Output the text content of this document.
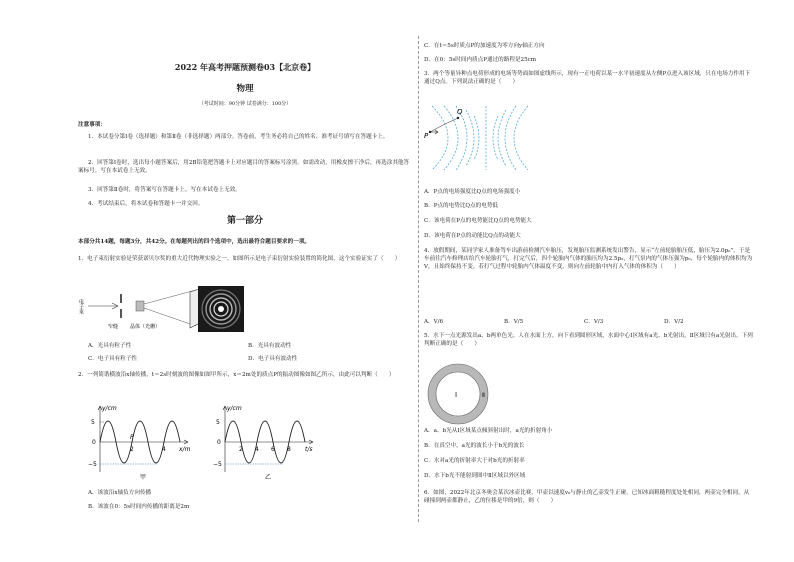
2022 年高考押题预测卷03【北京卷】
物理
（考试时间：90分钟 试卷满分：100分）
注意事项：
1．本试卷分第Ⅰ卷（选择题）和第Ⅱ卷（非选择题）两部分。答卷前，考生务必将自己的姓名、准考证号填写在答题卡上。
2．回答第Ⅰ卷时，选出每小题答案后，用2B铅笔把答题卡上对应题目的答案标号涂黑。如需改动，用橡皮擦干净后，再选涂其他答案标号。写在本试卷上无效。
3．回答第Ⅱ卷时，将答案写在答题卡上。写在本试卷上无效。
4．考试结束后，将本试卷和答题卡一并交回。
第一部分
本部分共14题，每题3分，共42分。在每题列出的四个选项中，选出最符合题目要求的一项。
1．电子束衍射实验是荣获诺贝尔奖的重大近代物理实验之一。如图所示是电子束衍射实验装置的简化图，这个实验证实了（　　）
电子束
窄缝 晶体（光栅）
A．光具有粒子性	B．光具有波动性
C．电子具有粒子性	D．电子具有波动性
2．一列简谐横波沿x轴传播，t＝2s时刻波的图像如图甲所示，x＝2m处的质点P的振动图像如图乙所示，由此可以判断（　　）
y/cm
x/m
5
0
−5
P
2	4
甲
y/cm
t/s
5
0
−5
2 4 6 8
乙
A．该波沿x轴负方向传播
B．该波在0：5s时间内传播的距离是2m
C．在t＝5s时质点P的加速度为零方向y轴正方向
D．在0：5s时间内质点P通过的路程是25cm
3．两个等量异种点电荷形成的电场等势面如图虚线所示，现有一正电荷以某一水平初速度从左侧P点进入该区域，只在电场力作用下通过Q点。下列说法正确的是（　　）
P
Q
A．P点的电场强度比Q点的电场强度小
B．P点的电势比Q点的电势低
C．该电荷在P点的电势能比Q点的电势能大
D．该电荷在P点的动能比Q点的动能大
4．放假期间，某同学家人准备驾车出游前检测汽车胎压，发现胎压监测系统发出警告，显示“左前轮胎胎压低，胎压为2.0p₀”，于是车前往汽车修理店给汽车轮胎打气，打完气后，四个轮胎内气体的胎压均为2.5p₀，打气泵内的气体压强为p₀，每个轮胎内的体积均为V，且始终保持不变。若打气过程中轮胎内气体温度不变，则向左前轮胎中内打入气体的体积为（　　）
A．V/6	B．V/5	C．V/3	D．V/2
5．水下一点光源发出a、b两单色光。人在水面上方，向下看到圆形区域，水面中心Ⅰ区域有a光、b光射出，Ⅱ区域只有a光射出。下列判断正确的是（　　）
Ⅰ	Ⅱ
A．a、b光从Ⅰ区域某点倾斜射出时，a光的折射角小
B．在真空中，a光的波长小于b光的波长
C．水对a光的折射率大于对b光的折射率
D．水下b光不能射到图中Ⅱ区域以外区域
6．如图，2022年北京冬奥会某次冰壶比赛，甲壶以速度v₀与静止的乙壶发生正碰。已知冰面粗糙程度处处相同，两壶完全相同，从碰撞到两壶都静止，乙的位移是甲的9倍，则（　　）
